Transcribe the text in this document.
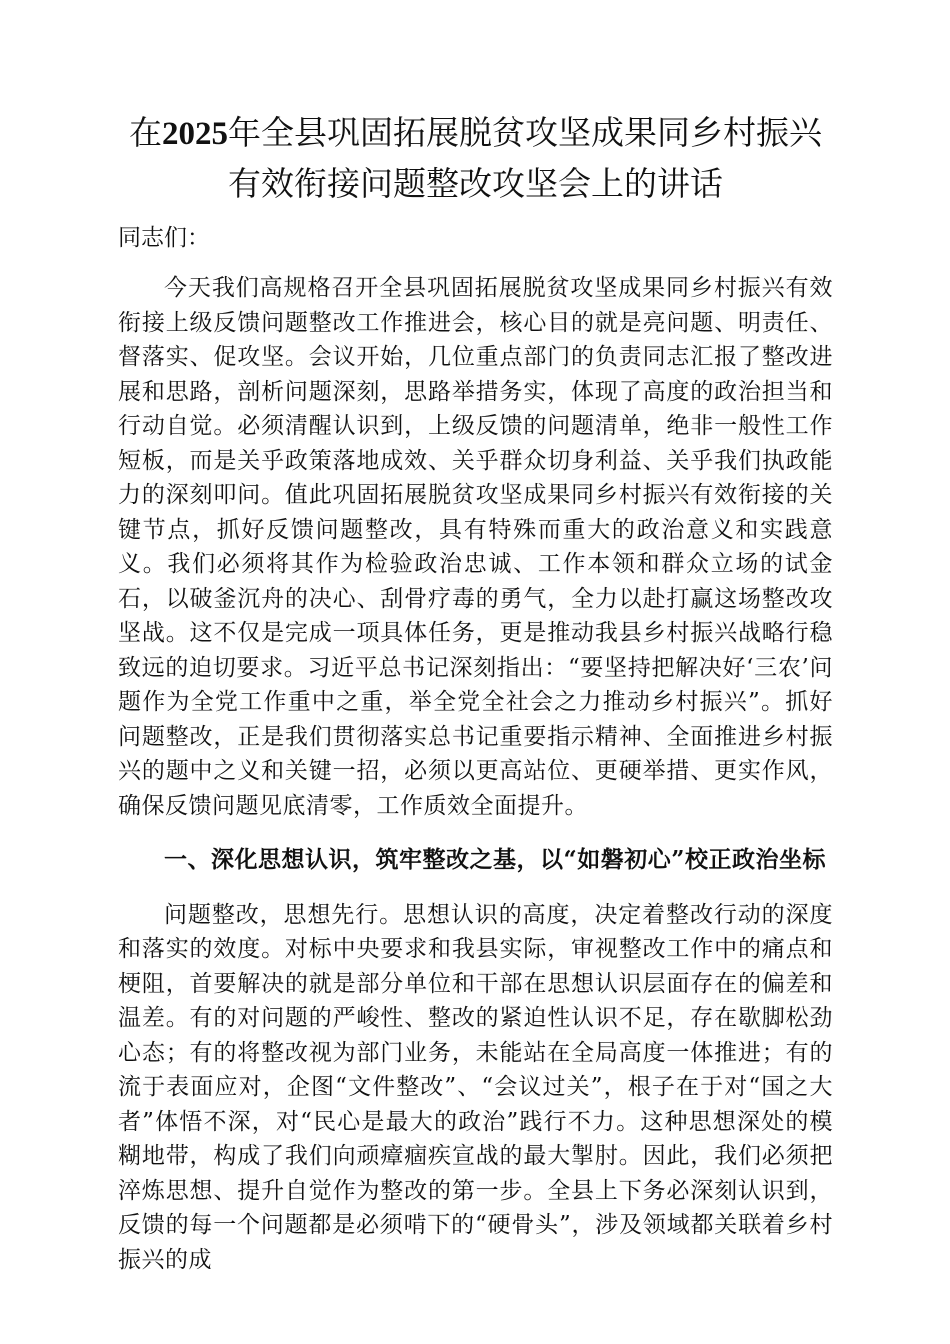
在2025年全县巩固拓展脱贫攻坚成果同乡村振兴有效衔接问题整改攻坚会上的讲话

同志们：

今天我们高规格召开全县巩固拓展脱贫攻坚成果同乡村振兴有效衔接上级反馈问题整改工作推进会，核心目的就是亮问题、明责任、督落实、促攻坚。会议开始，几位重点部门的负责同志汇报了整改进展和思路，剖析问题深刻，思路举措务实，体现了高度的政治担当和行动自觉。必须清醒认识到，上级反馈的问题清单，绝非一般性工作短板，而是关乎政策落地成效、关乎群众切身利益、关乎我们执政能力的深刻叩问。值此巩固拓展脱贫攻坚成果同乡村振兴有效衔接的关键节点，抓好反馈问题整改，具有特殊而重大的政治意义和实践意义。我们必须将其作为检验政治忠诚、工作本领和群众立场的试金石，以破釜沉舟的决心、刮骨疗毒的勇气，全力以赴打赢这场整改攻坚战。这不仅是完成一项具体任务，更是推动我县乡村振兴战略行稳致远的迫切要求。习近平总书记深刻指出：“要坚持把解决好‘三农’问题作为全党工作重中之重，举全党全社会之力推动乡村振兴”。抓好问题整改，正是我们贯彻落实总书记重要指示精神、全面推进乡村振兴的题中之义和关键一招，必须以更高站位、更硬举措、更实作风，确保反馈问题见底清零，工作质效全面提升。

一、深化思想认识，筑牢整改之基，以“如磐初心”校正政治坐标

问题整改，思想先行。思想认识的高度，决定着整改行动的深度和落实的效度。对标中央要求和我县实际，审视整改工作中的痛点和梗阻，首要解决的就是部分单位和干部在思想认识层面存在的偏差和温差。有的对问题的严峻性、整改的紧迫性认识不足，存在歇脚松劲心态；有的将整改视为部门业务，未能站在全局高度一体推进；有的流于表面应对，企图“文件整改”、“会议过关”，根子在于对“国之大者”体悟不深，对“民心是最大的政治”践行不力。这种思想深处的模糊地带，构成了我们向顽瘴痼疾宣战的最大掣肘。因此，我们必须把淬炼思想、提升自觉作为整改的第一步。全县上下务必深刻认识到，反馈的每一个问题都是必须啃下的“硬骨头”，涉及领域都关联着乡村振兴的成
